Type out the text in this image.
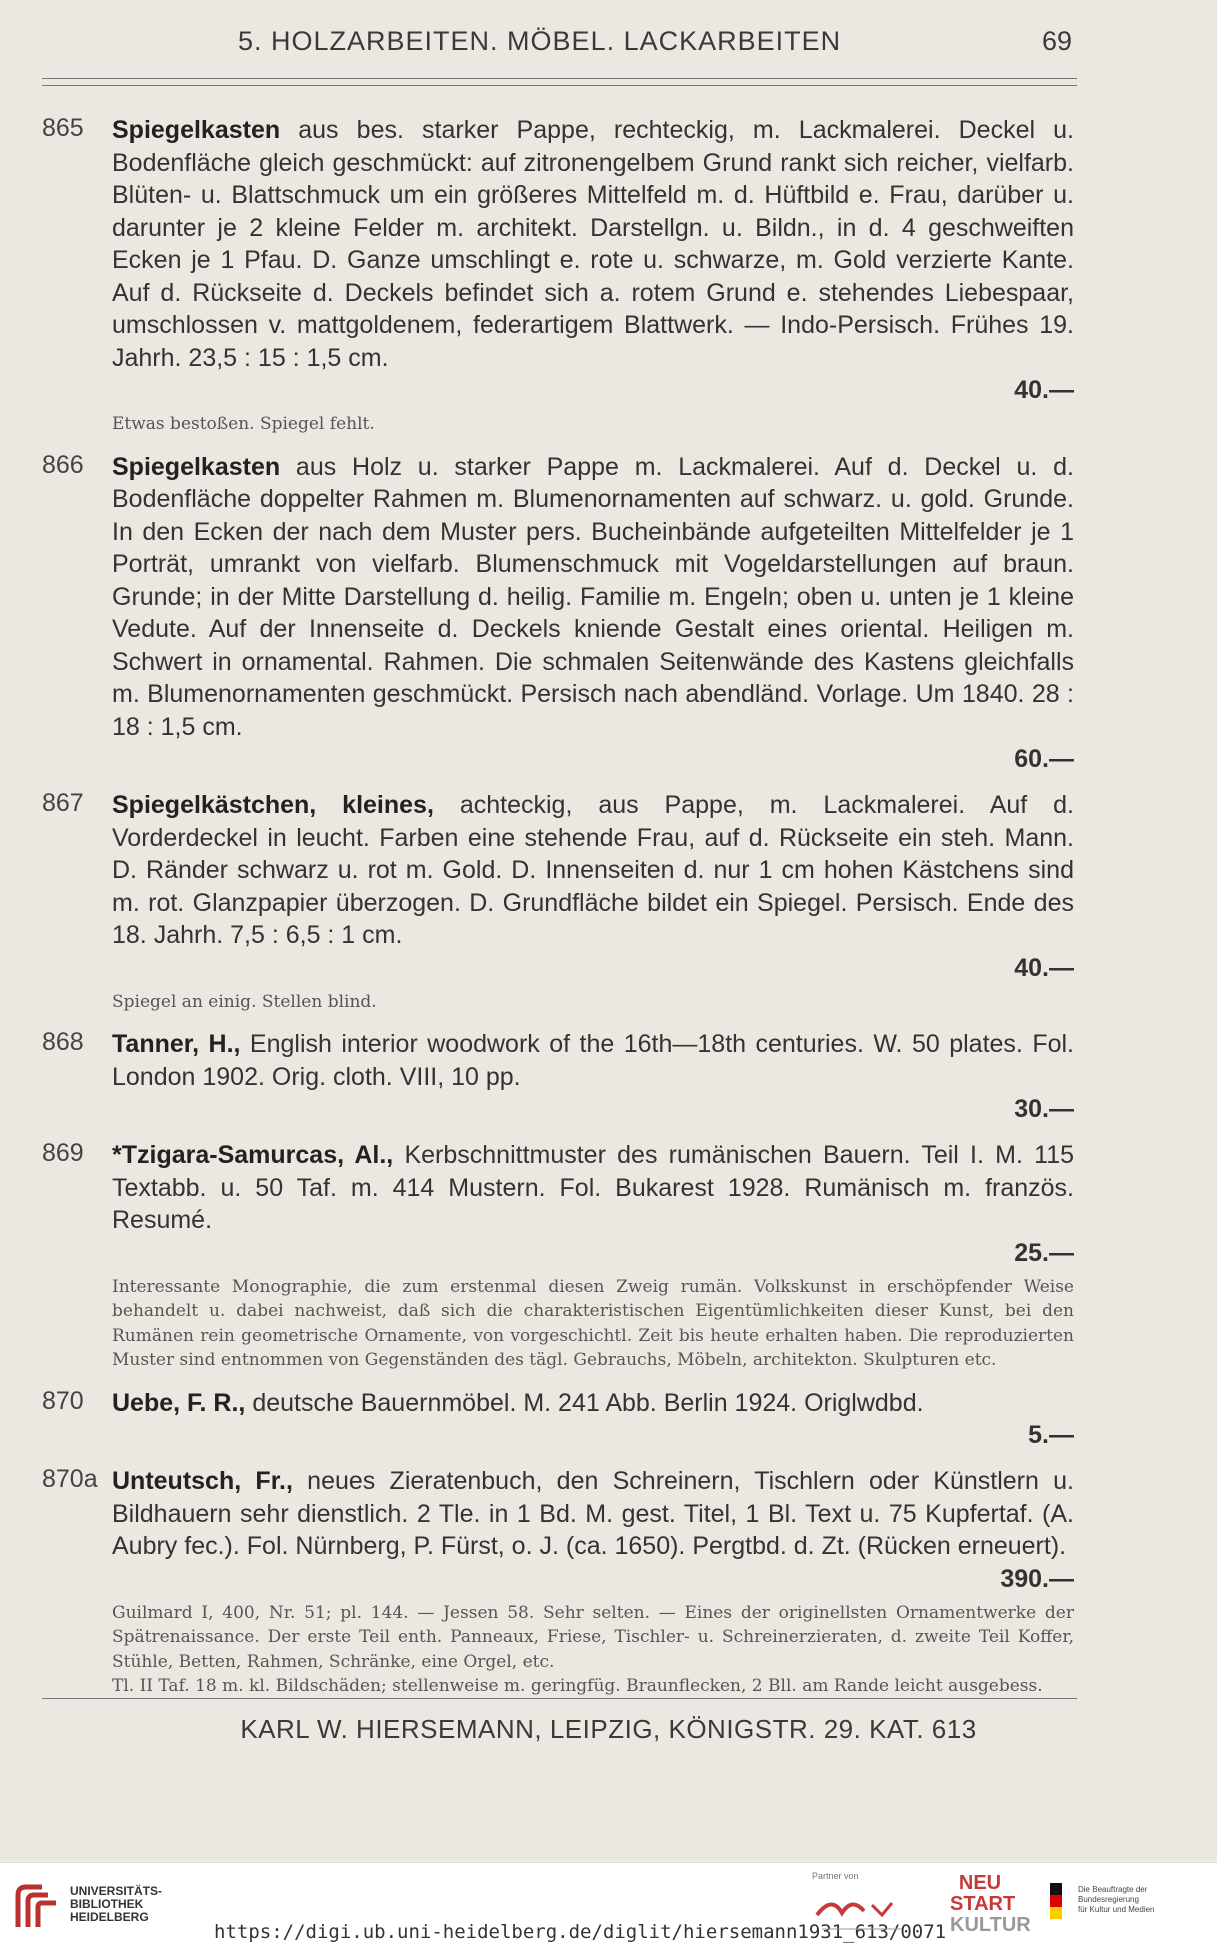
5. HOLZARBEITEN. MÖBEL. LACKARBEITEN	69
865 Spiegelkasten aus bes. starker Pappe, rechteckig, m. Lackmalerei. Deckel u. Bodenfläche gleich geschmückt: auf zitronengelbem Grund rankt sich reicher, vielfarb. Blüten- u. Blattschmuck um ein größeres Mittelfeld m. d. Hüftbild e. Frau, darüber u. darunter je 2 kleine Felder m. architekt. Darstellgn. u. Bildn., in d. 4 geschweiften Ecken je 1 Pfau. D. Ganze umschlingt e. rote u. schwarze, m. Gold verzierte Kante. Auf d. Rückseite d. Deckels befindet sich a. rotem Grund e. stehendes Liebespaar, umschlossen v. mattgoldenem, federartigem Blattwerk. — Indo-Persisch. Frühes 19. Jahrh. 23,5 : 15 : 1,5 cm.
40.—

Etwas bestoßen. Spiegel fehlt.

866 Spiegelkasten aus Holz u. starker Pappe m. Lackmalerei. Auf d. Deckel u. d. Bodenfläche doppelter Rahmen m. Blumenornamenten auf schwarz. u. gold. Grunde. In den Ecken der nach dem Muster pers. Bucheinbände aufgeteilten Mittelfelder je 1 Porträt, umrankt von vielfarb. Blumenschmuck mit Vogeldarstellungen auf braun. Grunde; in der Mitte Darstellung d. heilig. Familie m. Engeln; oben u. unten je 1 kleine Vedute. Auf der Innenseite d. Deckels kniende Gestalt eines oriental. Heiligen m. Schwert in ornamental. Rahmen. Die schmalen Seitenwände des Kastens gleichfalls m. Blumenornamenten geschmückt. Persisch nach abendländ. Vorlage. Um 1840. 28 : 18 : 1,5 cm.
60.—
867 Spiegelkästchen, kleines, achteckig, aus Pappe, m. Lackmalerei. Auf d. Vorderdeckel in leucht. Farben eine stehende Frau, auf d. Rückseite ein steh. Mann. D. Ränder schwarz u. rot m. Gold. D. Innenseiten d. nur 1 cm hohen Kästchens sind m. rot. Glanzpapier überzogen. D. Grundfläche bildet ein Spiegel. Persisch. Ende des 18. Jahrh. 7,5 : 6,5 : 1 cm.
40.—

Spiegel an einig. Stellen blind.

868 Tanner, H., English interior woodwork of the 16th—18th centuries. W. 50 plates. Fol. London 1902. Orig. cloth. VIII, 10 pp.
30.—
869 *Tzigara-Samurcas, Al., Kerbschnittmuster des rumänischen Bauern. Teil I. M. 115 Textabb. u. 50 Taf. m. 414 Mustern. Fol. Bukarest 1928. Rumänisch m. französ. Resumé.
25.—

Interessante Monographie, die zum erstenmal diesen Zweig rumän. Volkskunst in erschöpfender Weise behandelt u. dabei nachweist, daß sich die charakteristischen Eigentümlichkeiten dieser Kunst, bei den Rumänen rein geometrische Ornamente, von vorgeschichtl. Zeit bis heute erhalten haben. Die reproduzierten Muster sind entnommen von Gegenständen des tägl. Gebrauchs, Möbeln, architekton. Skulpturen etc.

870 Uebe, F. R., deutsche Bauernmöbel. M. 241 Abb. Berlin 1924. Origlwdbd.
5.—
870a Unteutsch, Fr., neues Zieratenbuch, den Schreinern, Tischlern oder Künstlern u. Bildhauern sehr dienstlich. 2 Tle. in 1 Bd. M. gest. Titel, 1 Bl. Text u. 75 Kupfertaf. (A. Aubry fec.). Fol. Nürnberg, P. Fürst, o. J. (ca. 1650). Pergtbd. d. Zt. (Rücken erneuert).
390.—

Guilmard I, 400, Nr. 51; pl. 144. — Jessen 58. Sehr selten. — Eines der originellsten Ornamentwerke der Spätrenaissance. Der erste Teil enth. Panneaux, Friese, Tischler- u. Schreinerzieraten, d. zweite Teil Koffer, Stühle, Betten, Rahmen, Schränke, eine Orgel, etc.

Tl. II Taf. 18 m. kl. Bildschäden; stellenweise m. geringfüg. Braunflecken, 2 Bll. am Rande leicht ausgebess.

KARL W. HIERSEMANN, LEIPZIG, KÖNIGSTR. 29. KAT. 613
UNIVERSITÄTS-
BIBLIOTHEK
HEIDELBERG
https://digi.ub.uni-heidelberg.de/diglit/hiersemann1931_613/0071
Partner von	NEU
START
KULTUR
Die Beauftragte der Bundesregierung
für Kultur und Medien
